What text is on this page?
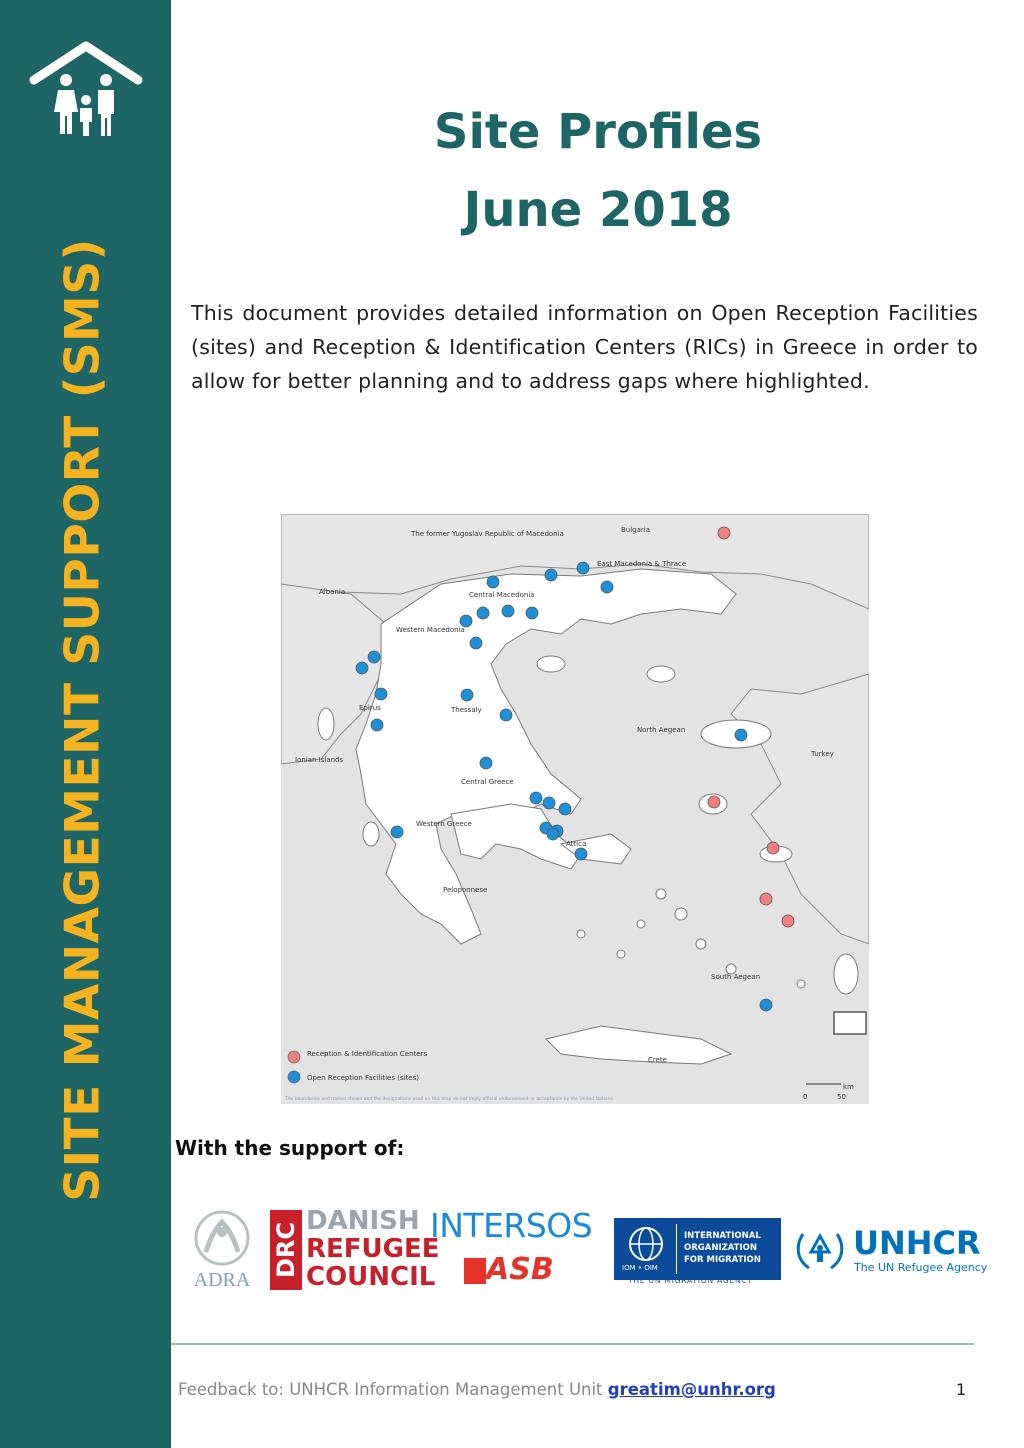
SITE MANAGEMENT SUPPORT (SMS)
Site Profiles
June 2018
This document provides detailed information on Open Reception Facilities (sites) and Reception & Identification Centers (RICs) in Greece in order to allow for better planning and to address gaps where highlighted.
The former Yugoslav Republic of Macedonia	Bulgaria
Albania
Turkey
East Macedonia & Thrace
Central Macedonia
Western Macedonia
Epirus	Thessaly
North Aegean
Ionian Islands
Central Greece
Western Greece
Attica
Peloponnese
South Aegean
Crete
Reception & Identification Centers
Open Reception Facilities (sites)
km
0	50
The boundaries and names shown and the designations used on this map do not imply official endorsement or acceptance by the United Nations.
With the support of:
ADRA
DRC
DANISH
REFUGEE
COUNCIL
INTERSOS
ASB	IOM • OIM
INTERNATIONAL
ORGANIZATION
FOR MIGRATION
THE UN MIGRATION AGENCY
UNHCR
The UN Refugee Agency
Feedback to: UNHCR Information Management Unit greatim@unhr.org	1
